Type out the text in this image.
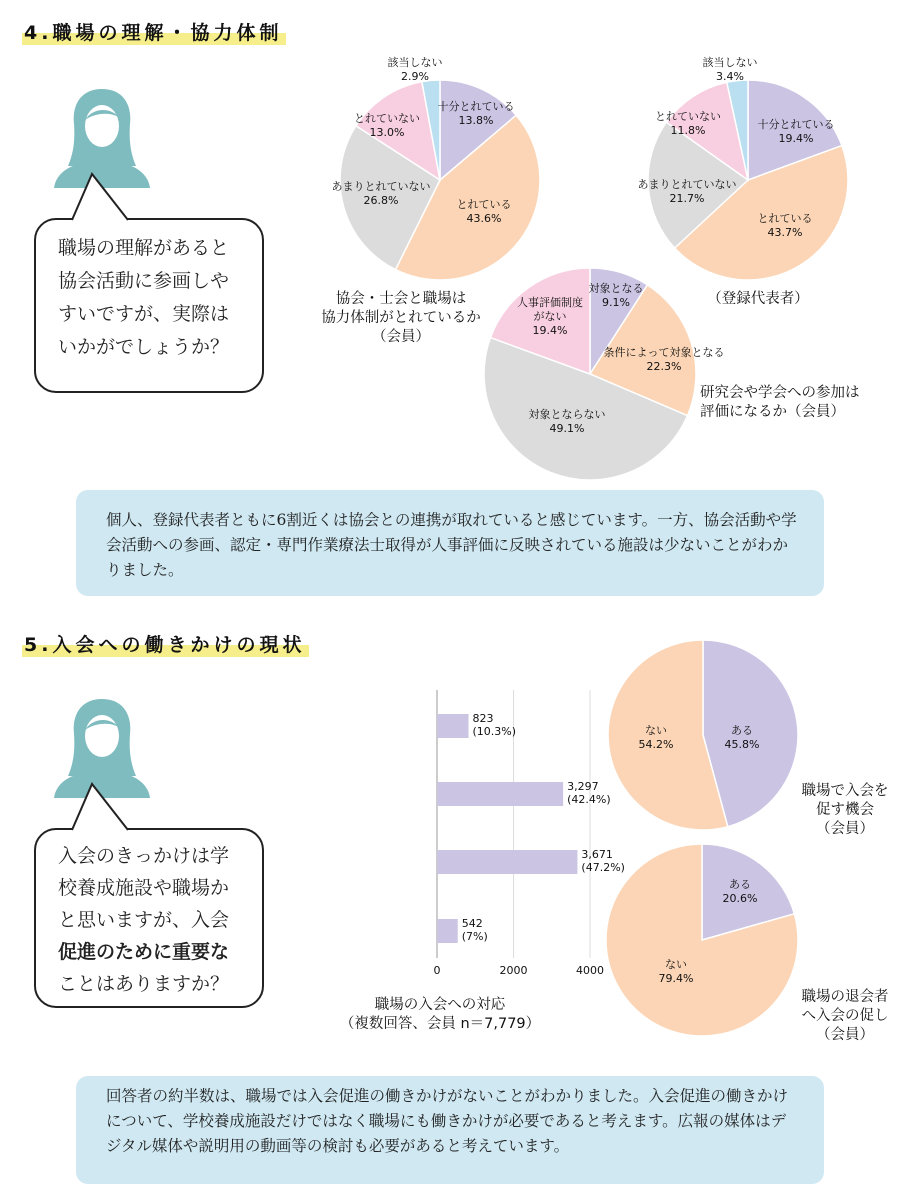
4.職場の理解・協力体制
職場の理解があると
協会活動に参画しや
すいですが、実際は
いかがでしょうか？
該当しない
2.9%
十分とれている
13.8%
とれている
43.6%
あまりとれていない
26.8%
とれていない
13.0%
協会・士会と職場は
協力体制がとれているか
（会員）
該当しない
3.4%
十分とれている
19.4%
とれている
43.7%
あまりとれていない
21.7%
とれていない
11.8%
（登録代表者）
対象となる
9.1%
条件によって対象となる
22.3%
対象とならない
49.1%
人事評価制度
がない
19.4%
研究会や学会への参加は
評価になるか（会員）
個人、登録代表者ともに6割近くは協会との連携が取れていると感じています。一方、協会活動や学会活動への参画、認定・専門作業療法士取得が人事評価に反映されている施設は少ないことがわかりました。
5.入会への働きかけの現状
入会のきっかけは学
校養成施設や職場か
と思いますが、入会
促進のために重要な
ことはありますか？
823
(10.3%)
3,297
(42.4%)
3,671
(47.2%)
542
(7%)
0	2000	4000
職場の入会への対応
（複数回答、会員 n＝7,779）
ある
45.8%
ない
54.2%
職場で入会を
促す機会
（会員）
ある
20.6%
ない
79.4%
職場の退会者
へ入会の促し
（会員）
回答者の約半数は、職場では入会促進の働きかけがないことがわかりました。入会促進の働きかけについて、学校養成施設だけではなく職場にも働きかけが必要であると考えます。広報の媒体はデジタル媒体や説明用の動画等の検討も必要があると考えています。
